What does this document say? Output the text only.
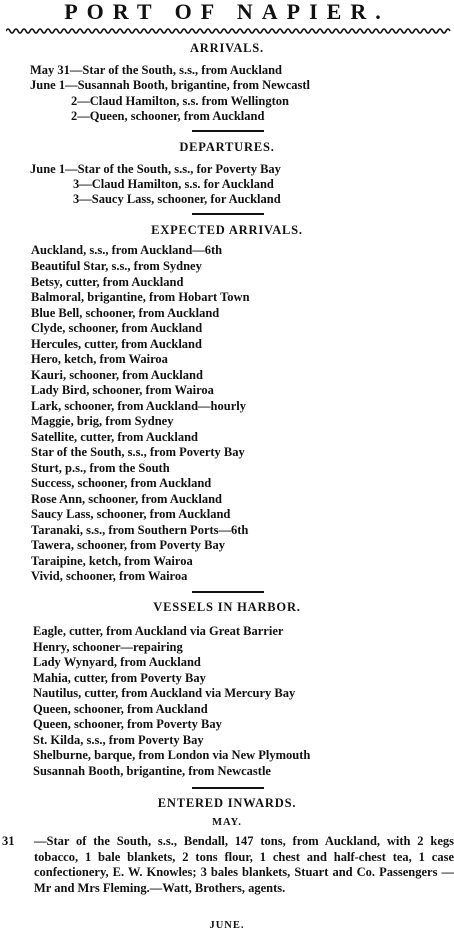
PORT OF NAPIER.
ARRIVALS.
May 31—Star of the South, s.s., from Auckland
June 1—Susannah Booth, brigantine, from Newcastl
2—Claud Hamilton, s.s. from Wellington
2—Queen, schooner, from Auckland
DEPARTURES.
June 1—Star of the South, s.s., for Poverty Bay
3—Claud Hamilton, s.s. for Auckland
3—Saucy Lass, schooner, for Auckland
EXPECTED ARRIVALS.
Auckland, s.s., from Auckland—6th
Beautiful Star, s.s., from Sydney
Betsy, cutter, from Auckland
Balmoral, brigantine, from Hobart Town
Blue Bell, schooner, from Auckland
Clyde, schooner, from Auckland
Hercules, cutter, from Auckland
Hero, ketch, from Wairoa
Kauri, schooner, from Auckland
Lady Bird, schooner, from Wairoa
Lark, schooner, from Auckland—hourly
Maggie, brig, from Sydney
Satellite, cutter, from Auckland
Star of the South, s.s., from Poverty Bay
Sturt, p.s., from the South
Success, schooner, from Auckland
Rose Ann, schooner, from Auckland
Saucy Lass, schooner, from Auckland
Taranaki, s.s., from Southern Ports—6th
Tawera, schooner, from Poverty Bay
Taraipine, ketch, from Wairoa
Vivid, schooner, from Wairoa
VESSELS IN HARBOR.
Eagle, cutter, from Auckland via Great Barrier
Henry, schooner—repairing
Lady Wynyard, from Auckland
Mahia, cutter, from Poverty Bay
Nautilus, cutter, from Auckland via Mercury Bay
Queen, schooner, from Auckland
Queen, schooner, from Poverty Bay
St. Kilda, s.s., from Poverty Bay
Shelburne, barque, from London via New Plymouth
Susannah Booth, brigantine, from Newcastle
ENTERED INWARDS.
MAY.
31 —Star of the South, s.s., Bendall, 147 tons, from Auckland, with 2 kegs tobacco, 1 bale blankets, 2 tons flour, 1 chest and half-chest tea, 1 case confectionery, E. W. Knowles; 3 bales blankets, Stuart and Co. Passengers —Mr and Mrs Fleming.—Watt, Brothers, agents.
JUNE.
